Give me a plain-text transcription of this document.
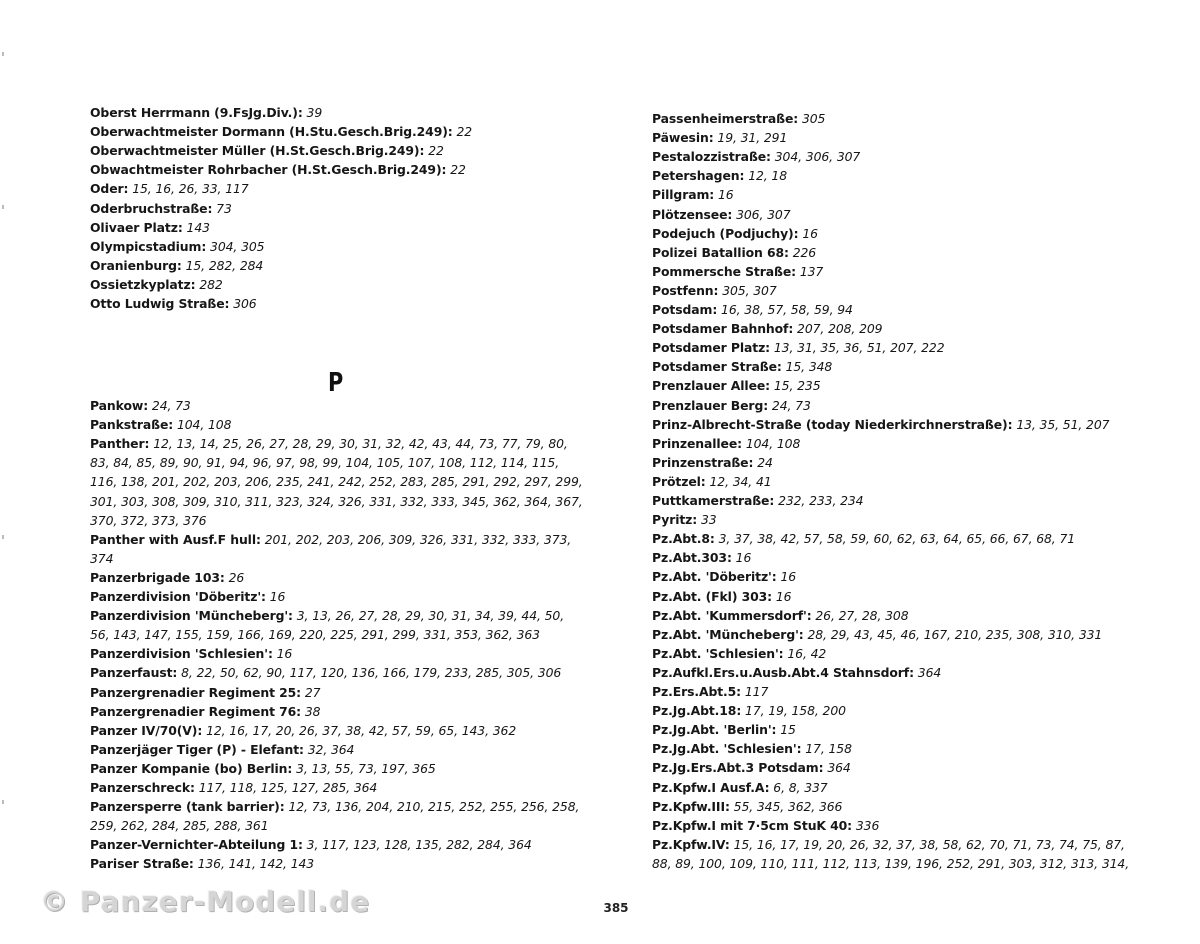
Oberst Herrmann (9.FsJg.Div.): 39
Oberwachtmeister Dormann (H.Stu.Gesch.Brig.249): 22
Oberwachtmeister Müller (H.St.Gesch.Brig.249): 22
Obwachtmeister Rohrbacher (H.St.Gesch.Brig.249): 22
Oder: 15, 16, 26, 33, 117
Oderbruchstraße: 73
Olivaer Platz: 143
Olympicstadium: 304, 305
Oranienburg: 15, 282, 284
Ossietzkyplatz: 282
Otto Ludwig Straße: 306
Pankow: 24, 73
Pankstraße: 104, 108
Panther: 12, 13, 14, 25, 26, 27, 28, 29, 30, 31, 32, 42, 43, 44, 73, 77, 79, 80,
83, 84, 85, 89, 90, 91, 94, 96, 97, 98, 99, 104, 105, 107, 108, 112, 114, 115,
116, 138, 201, 202, 203, 206, 235, 241, 242, 252, 283, 285, 291, 292, 297, 299,
301, 303, 308, 309, 310, 311, 323, 324, 326, 331, 332, 333, 345, 362, 364, 367,
370, 372, 373, 376
Panther with Ausf.F hull: 201, 202, 203, 206, 309, 326, 331, 332, 333, 373,
374
Panzerbrigade 103: 26
Panzerdivision 'Döberitz': 16
Panzerdivision 'Müncheberg': 3, 13, 26, 27, 28, 29, 30, 31, 34, 39, 44, 50,
56, 143, 147, 155, 159, 166, 169, 220, 225, 291, 299, 331, 353, 362, 363
Panzerdivision 'Schlesien': 16
Panzerfaust: 8, 22, 50, 62, 90, 117, 120, 136, 166, 179, 233, 285, 305, 306
Panzergrenadier Regiment 25: 27
Panzergrenadier Regiment 76: 38
Panzer IV/70(V): 12, 16, 17, 20, 26, 37, 38, 42, 57, 59, 65, 143, 362
Panzerjäger Tiger (P) - Elefant: 32, 364
Panzer Kompanie (bo) Berlin: 3, 13, 55, 73, 197, 365
Panzerschreck: 117, 118, 125, 127, 285, 364
Panzersperre (tank barrier): 12, 73, 136, 204, 210, 215, 252, 255, 256, 258,
259, 262, 284, 285, 288, 361
Panzer-Vernichter-Abteilung 1: 3, 117, 123, 128, 135, 282, 284, 364
Pariser Straße: 136, 141, 142, 143
Passenheimerstraße: 305
Päwesin: 19, 31, 291
Pestalozzistraße: 304, 306, 307
Petershagen: 12, 18
Pillgram: 16
Plötzensee: 306, 307
Podejuch (Podjuchy): 16
Polizei Batallion 68: 226
Pommersche Straße: 137
Postfenn: 305, 307
Potsdam: 16, 38, 57, 58, 59, 94
Potsdamer Bahnhof: 207, 208, 209
Potsdamer Platz: 13, 31, 35, 36, 51, 207, 222
Potsdamer Straße: 15, 348
Prenzlauer Allee: 15, 235
Prenzlauer Berg: 24, 73
Prinz-Albrecht-Straße (today Niederkirchnerstraße): 13, 35, 51, 207
Prinzenallee: 104, 108
Prinzenstraße: 24
Prötzel: 12, 34, 41
Puttkamerstraße: 232, 233, 234
Pyritz: 33
Pz.Abt.8: 3, 37, 38, 42, 57, 58, 59, 60, 62, 63, 64, 65, 66, 67, 68, 71
Pz.Abt.303: 16
Pz.Abt. 'Döberitz': 16
Pz.Abt. (Fkl) 303: 16
Pz.Abt. 'Kummersdorf': 26, 27, 28, 308
Pz.Abt. 'Müncheberg': 28, 29, 43, 45, 46, 167, 210, 235, 308, 310, 331
Pz.Abt. 'Schlesien': 16, 42
Pz.Aufkl.Ers.u.Ausb.Abt.4 Stahnsdorf: 364
Pz.Ers.Abt.5: 117
Pz.Jg.Abt.18: 17, 19, 158, 200
Pz.Jg.Abt. 'Berlin': 15
Pz.Jg.Abt. 'Schlesien': 17, 158
Pz.Jg.Ers.Abt.3 Potsdam: 364
Pz.Kpfw.I Ausf.A: 6, 8, 337
Pz.Kpfw.III: 55, 345, 362, 366
Pz.Kpfw.I mit 7·5cm StuK 40: 336
Pz.Kpfw.IV: 15, 16, 17, 19, 20, 26, 32, 37, 38, 58, 62, 70, 71, 73, 74, 75, 87,
88, 89, 100, 109, 110, 111, 112, 113, 139, 196, 252, 291, 303, 312, 313, 314,
P
385
© Panzer-Modell.de
